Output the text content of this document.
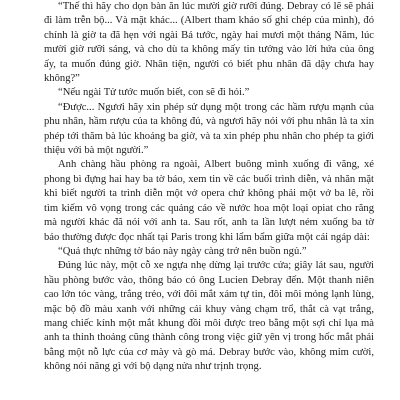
“Thế thì hãy cho dọn bàn ăn lúc mười giờ rưỡi đúng. Debray có lẽ sẽ phải đi làm trễn bộ... Và mặt khác... (Albert tham khảo số ghi chép của mình), đó chính là giờ ta đã hẹn với ngài Bá tước, ngày hai mươi một tháng Năm, lúc mười giờ rưỡi sáng, và cho dù ta không mấy tin tưởng vào lời hứa của ông ấy, ta muốn đúng giờ. Nhân tiện, người có biết phu nhân đã dậy chưa hay không?”

“Nếu ngài Tử tước muốn biết, con sẽ đi hỏi.”

“Được... Ngươi hãy xin phép sử dụng một trong các hầm rượu mạnh của phu nhân, hầm rượu của ta không đủ, và ngươi hãy nói với phu nhân là ta xin phép tới thăm bà lúc khoảng ba giờ, và ta xin phép phu nhân cho phép ta giới thiệu với bà một người.”

Anh chàng hầu phòng ra ngoài, Albert buông mình xuống đi văng, xé phong bì đựng hai hay ba tờ báo, xem tin về các buổi trình diễn, và nhăn mặt khi biết người ta trình diễn một vở opera chứ không phải một vở ba lê, rồi tìm kiếm vô vọng trong các quảng cáo về nước hoa một loại opiat cho răng mà người khác đã nói với anh ta. Sau rốt, anh ta lần lượt ném xuống ba tờ báo thường được đọc nhất tại Paris trong khi lẩm bẩm giữa một cái ngáp dài:

“Quả thực những tờ báo này ngày càng trở nên buồn ngủ.”

Đúng lúc này, một cỗ xe ngựa nhẹ dừng lại trước cửa; giây lát sau, người hầu phòng bước vào, thông báo có ông Lucien Debray đến. Một thanh niên cao lớn tóc vàng, trắng trẻo, với đôi mắt xám tự tin, đôi môi mỏng lạnh lùng, mặc bộ đồ màu xanh với những cái khuy vàng chạm trổ, thắt cà vạt trắng, mang chiếc kính một mắt khung đồi môi được treo bằng một sợi chỉ lụa mà anh ta thỉnh thoảng cũng thành công trong việc giữ yên vị trong hốc mắt phải bằng một nỗ lực của cơ mày và gò má. Debray bước vào, không mỉm cười, không nói năng gì với bộ dạng nửa như trịnh trọng.
